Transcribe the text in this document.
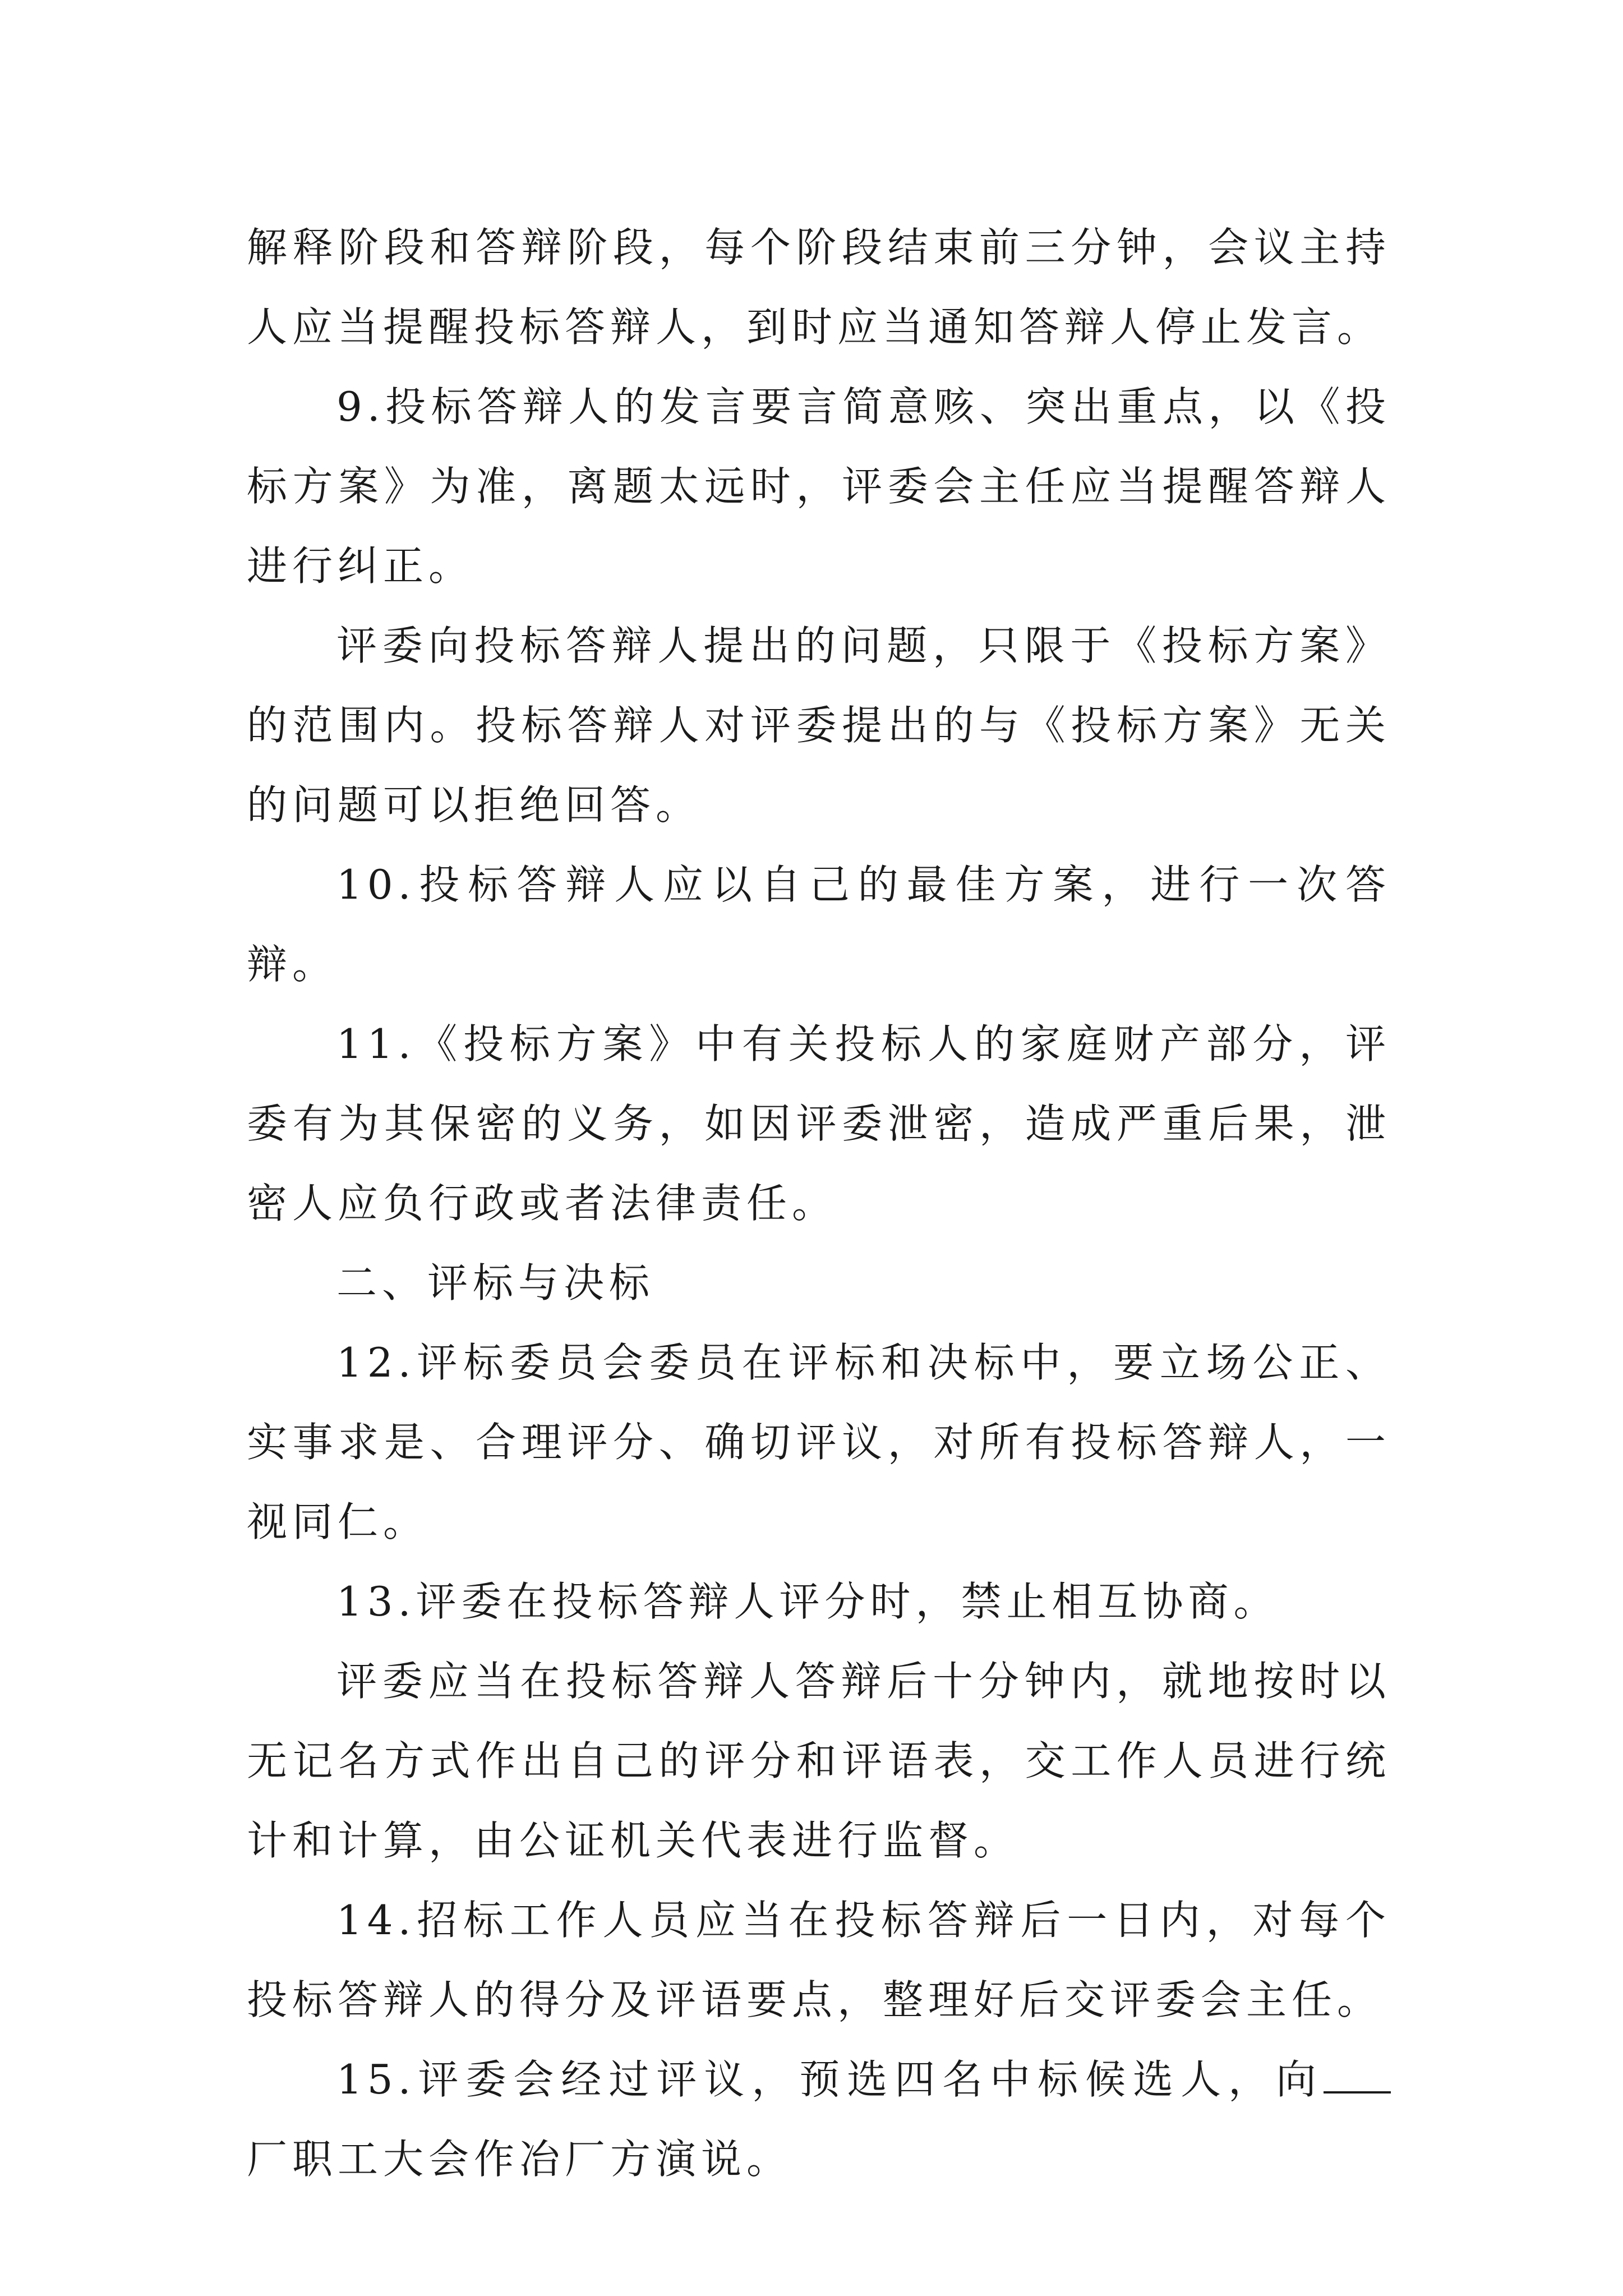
解释阶段和答辩阶段，每个阶段结束前三分钟，会议主持人应当提醒投标答辩人，到时应当通知答辩人停止发言。

9.投标答辩人的发言要言简意赅、突出重点，以《投标方案》为准，离题太远时，评委会主任应当提醒答辩人进行纠正。

评委向投标答辩人提出的问题，只限于《投标方案》的范围内。投标答辩人对评委提出的与《投标方案》无关的问题可以拒绝回答。

10.投标答辩人应以自己的最佳方案，进行一次答辩。

11.《投标方案》中有关投标人的家庭财产部分，评委有为其保密的义务，如因评委泄密，造成严重后果，泄密人应负行政或者法律责任。

二、评标与决标

12.评标委员会委员在评标和决标中，要立场公正、实事求是、合理评分、确切评议，对所有投标答辩人，一视同仁。

13.评委在投标答辩人评分时，禁止相互协商。

评委应当在投标答辩人答辩后十分钟内，就地按时以无记名方式作出自己的评分和评语表，交工作人员进行统计和计算，由公证机关代表进行监督。

14.招标工作人员应当在投标答辩后一日内，对每个投标答辩人的得分及评语要点，整理好后交评委会主任。

15.评委会经过评议，预选四名中标候选人，向厂职工大会作冶厂方演说。
